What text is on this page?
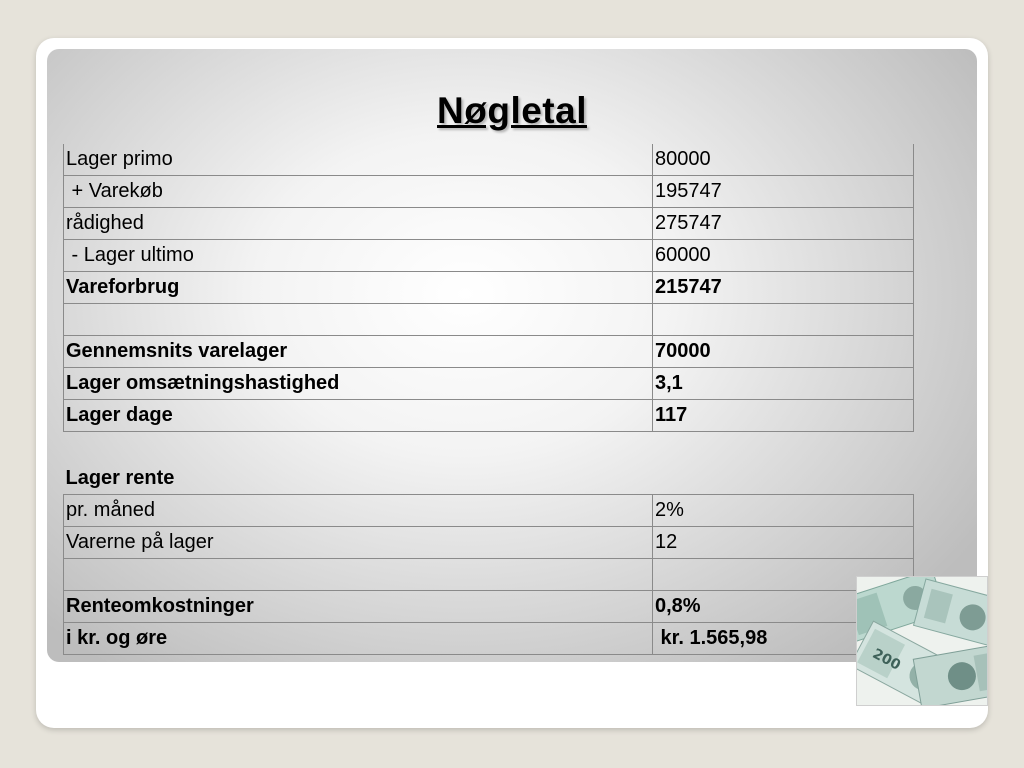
Nøgletal
Lager primo	80000
+ Varekøb	195747
rådighed	275747
- Lager ultimo	60000
Vareforbrug	215747

Gennemsnits varelager	70000
Lager omsætningshastighed	3,1
Lager dage	117

Lager rente	
pr. måned	2%
Varerne på lager	12

Renteomkostninger	0,8%
i kr. og øre	kr. 1.565,98
200
